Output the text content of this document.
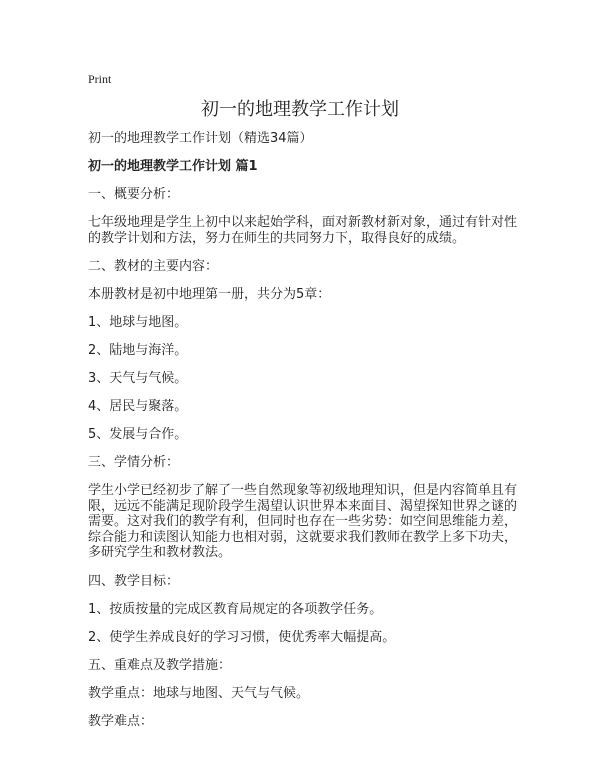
Print
初一的地理教学工作计划
初一的地理教学工作计划（精选34篇）
初一的地理教学工作计划 篇1
一、概要分析：
七年级地理是学生上初中以来起始学科，面对新教材新对象，通过有针对性的教学计划和方法，努力在师生的共同努力下，取得良好的成绩。
二、教材的主要内容：
本册教材是初中地理第一册，共分为5章：
1、地球与地图。
2、陆地与海洋。
3、天气与气候。
4、居民与聚落。
5、发展与合作。
三、学情分析：
学生小学已经初步了解了一些自然现象等初级地理知识，但是内容简单且有限，远远不能满足现阶段学生渴望认识世界本来面目、渴望探知世界之谜的需要。这对我们的教学有利，但同时也存在一些劣势：如空间思维能力差，综合能力和读图认知能力也相对弱，这就要求我们教师在教学上多下功夫，多研究学生和教材教法。
四、教学目标：
1、按质按量的完成区教育局规定的各项教学任务。
2、使学生养成良好的学习习惯，使优秀率大幅提高。
五、重难点及教学措施：
教学重点：地球与地图、天气与气候。
教学难点：
